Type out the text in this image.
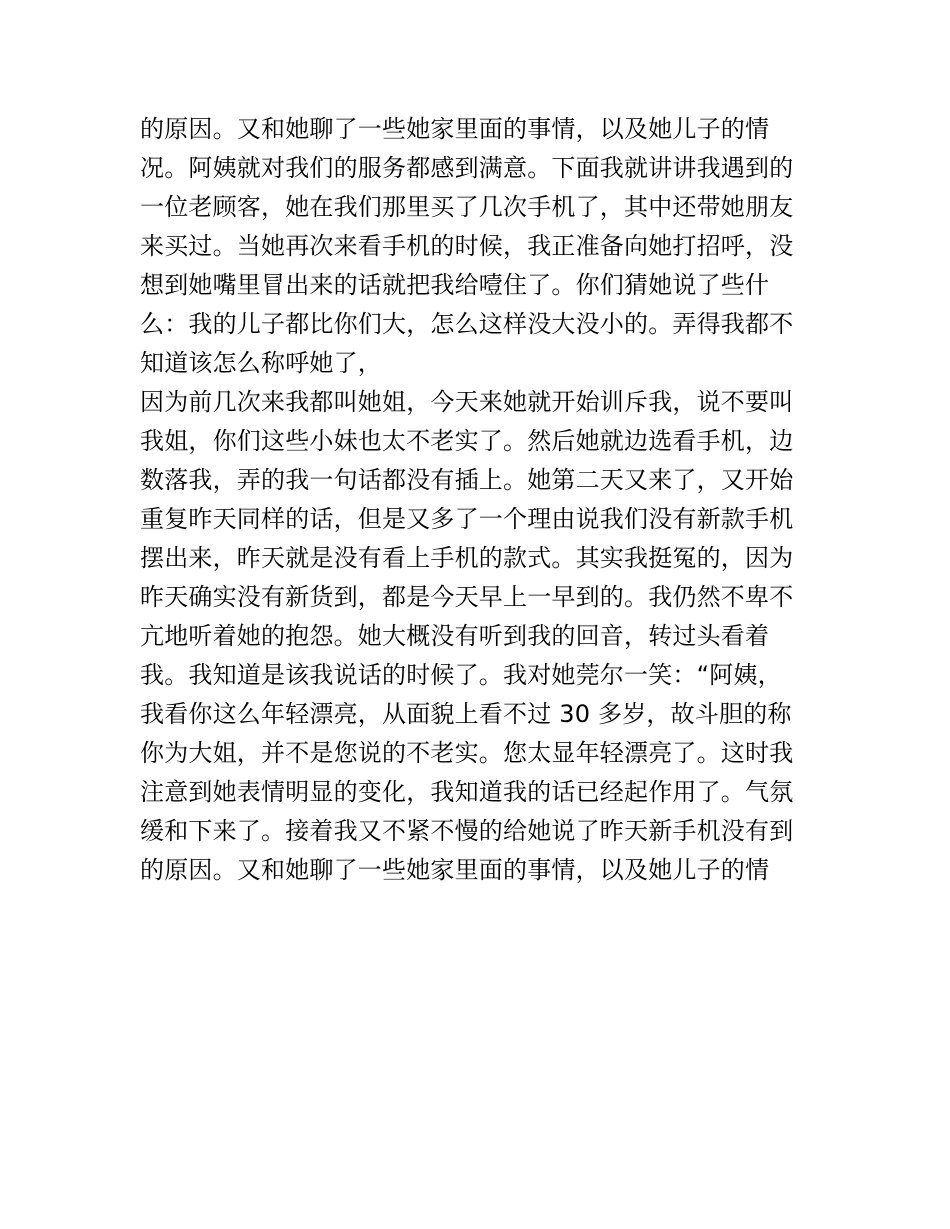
的原因。又和她聊了一些她家里面的事情，以及她儿子的情
况。阿姨就对我们的服务都感到满意。下面我就讲讲我遇到的
一位老顾客，她在我们那里买了几次手机了，其中还带她朋友
来买过。当她再次来看手机的时候，我正准备向她打招呼，没
想到她嘴里冒出来的话就把我给噎住了。你们猜她说了些什
么：我的儿子都比你们大，怎么这样没大没小的。弄得我都不
知道该怎么称呼她了，
因为前几次来我都叫她姐，今天来她就开始训斥我，说不要叫
我姐，你们这些小妹也太不老实了。然后她就边选看手机，边
数落我，弄的我一句话都没有插上。她第二天又来了，又开始
重复昨天同样的话，但是又多了一个理由说我们没有新款手机
摆出来，昨天就是没有看上手机的款式。其实我挺冤的，因为
昨天确实没有新货到，都是今天早上一早到的。我仍然不卑不
亢地听着她的抱怨。她大概没有听到我的回音，转过头看着
我。我知道是该我说话的时候了。我对她莞尔一笑：“阿姨，
我看你这么年轻漂亮，从面貌上看不过 30 多岁，故斗胆的称
你为大姐，并不是您说的不老实。您太显年轻漂亮了。这时我
注意到她表情明显的变化，我知道我的话已经起作用了。气氛
缓和下来了。接着我又不紧不慢的给她说了昨天新手机没有到
的原因。又和她聊了一些她家里面的事情，以及她儿子的情
